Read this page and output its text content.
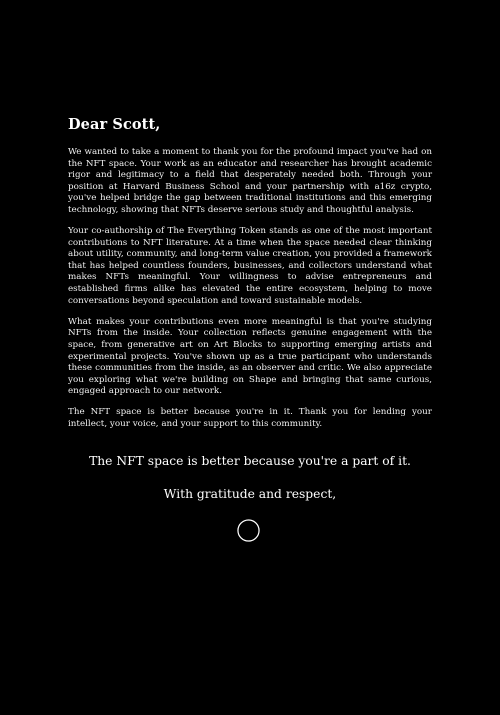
Dear Scott,

We wanted to take a moment to thank you for the profound impact you've had on the NFT space. Your work as an educator and researcher has brought academic rigor and legitimacy to a field that desperately needed both. Through your position at Harvard Business School and your partnership with a16z crypto, you've helped bridge the gap between traditional institutions and this emerging technology, showing that NFTs deserve serious study and thoughtful analysis.

Your co-authorship of The Everything Token stands as one of the most important contributions to NFT literature. At a time when the space needed clear thinking about utility, community, and long-term value creation, you provided a framework that has helped countless founders, businesses, and collectors understand what makes NFTs meaningful. Your willingness to advise entrepreneurs and established firms alike has elevated the entire ecosystem, helping to move conversations beyond speculation and toward sustainable models.

What makes your contributions even more meaningful is that you're studying NFTs from the inside. Your collection reflects genuine engagement with the space, from generative art on Art Blocks to supporting emerging artists and experimental projects. You've shown up as a true participant who understands these communities from the inside, as an observer and critic. We also appreciate you exploring what we're building on Shape and bringing that same curious, engaged approach to our network.

The NFT space is better because you're in it. Thank you for lending your intellect, your voice, and your support to this community.

The NFT space is better because you're a part of it.
With gratitude and respect,
